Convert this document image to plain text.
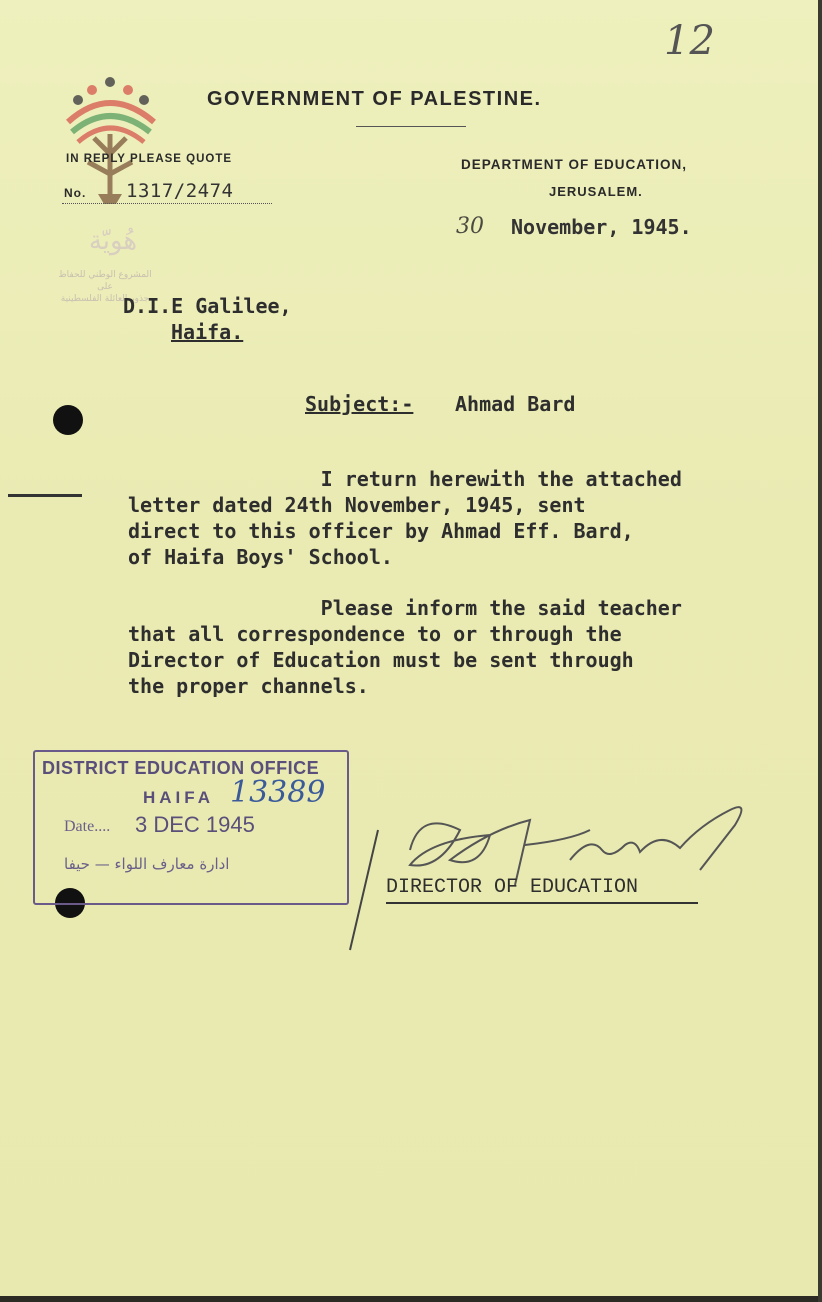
هُويّة
المشروع الوطني للحفاظ على
جذور العائلة الفلسطينية
12
GOVERNMENT OF PALESTINE.
IN REPLY PLEASE QUOTE
No. 1317/2474
DEPARTMENT OF EDUCATION,
JERUSALEM.
30 November, 1945.
D.I.E Galilee,
Haifa.
Subject:- Ahmad Bard
I return herewith the attached
letter dated 24th November, 1945, sent
direct to this officer by Ahmad Eff. Bard,
of Haifa Boys' School.
Please inform the said teacher
that all correspondence to or through the
Director of Education must be sent through
the proper channels.
DISTRICT EDUCATION OFFICE
HAIFA 13389
Date.... 3 DEC 1945
ادارة معارف اللواء — حيفا
DIRECTOR OF EDUCATION
